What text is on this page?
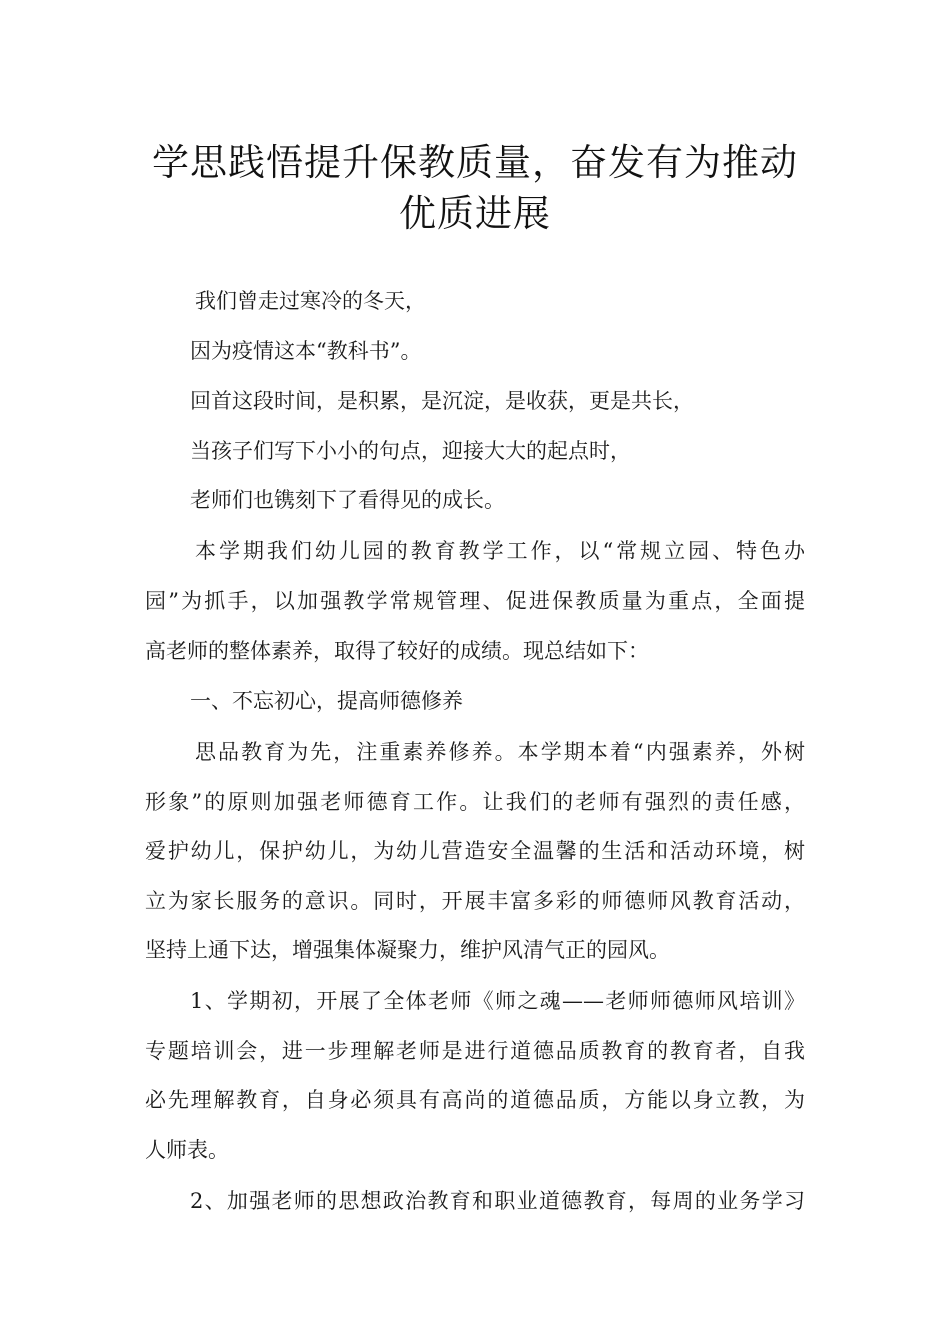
学思践悟提升保教质量，奋发有为推动
优质进展

我们曾走过寒冷的冬天，

因为疫情这本“教科书”。

回首这段时间，是积累，是沉淀，是收获，更是共长，

当孩子们写下小小的句点，迎接大大的起点时，

老师们也镌刻下了看得见的成长。

本学期我们幼儿园的教育教学工作，以“常规立园、特色办

园”为抓手，以加强教学常规管理、促进保教质量为重点，全面提

高老师的整体素养，取得了较好的成绩。现总结如下：

一、不忘初心，提高师德修养

思品教育为先，注重素养修养。本学期本着“内强素养，外树

形象”的原则加强老师德育工作。让我们的老师有强烈的责任感，

爱护幼儿，保护幼儿，为幼儿营造安全温馨的生活和活动环境，树

立为家长服务的意识。同时，开展丰富多彩的师德师风教育活动，

坚持上通下达，增强集体凝聚力，维护风清气正的园风。

1、学期初，开展了全体老师《师之魂——老师师德师风培训》

专题培训会，进一步理解老师是进行道德品质教育的教育者，自我

必先理解教育，自身必须具有高尚的道德品质，方能以身立教，为

人师表。

2、加强老师的思想政治教育和职业道德教育，每周的业务学习
